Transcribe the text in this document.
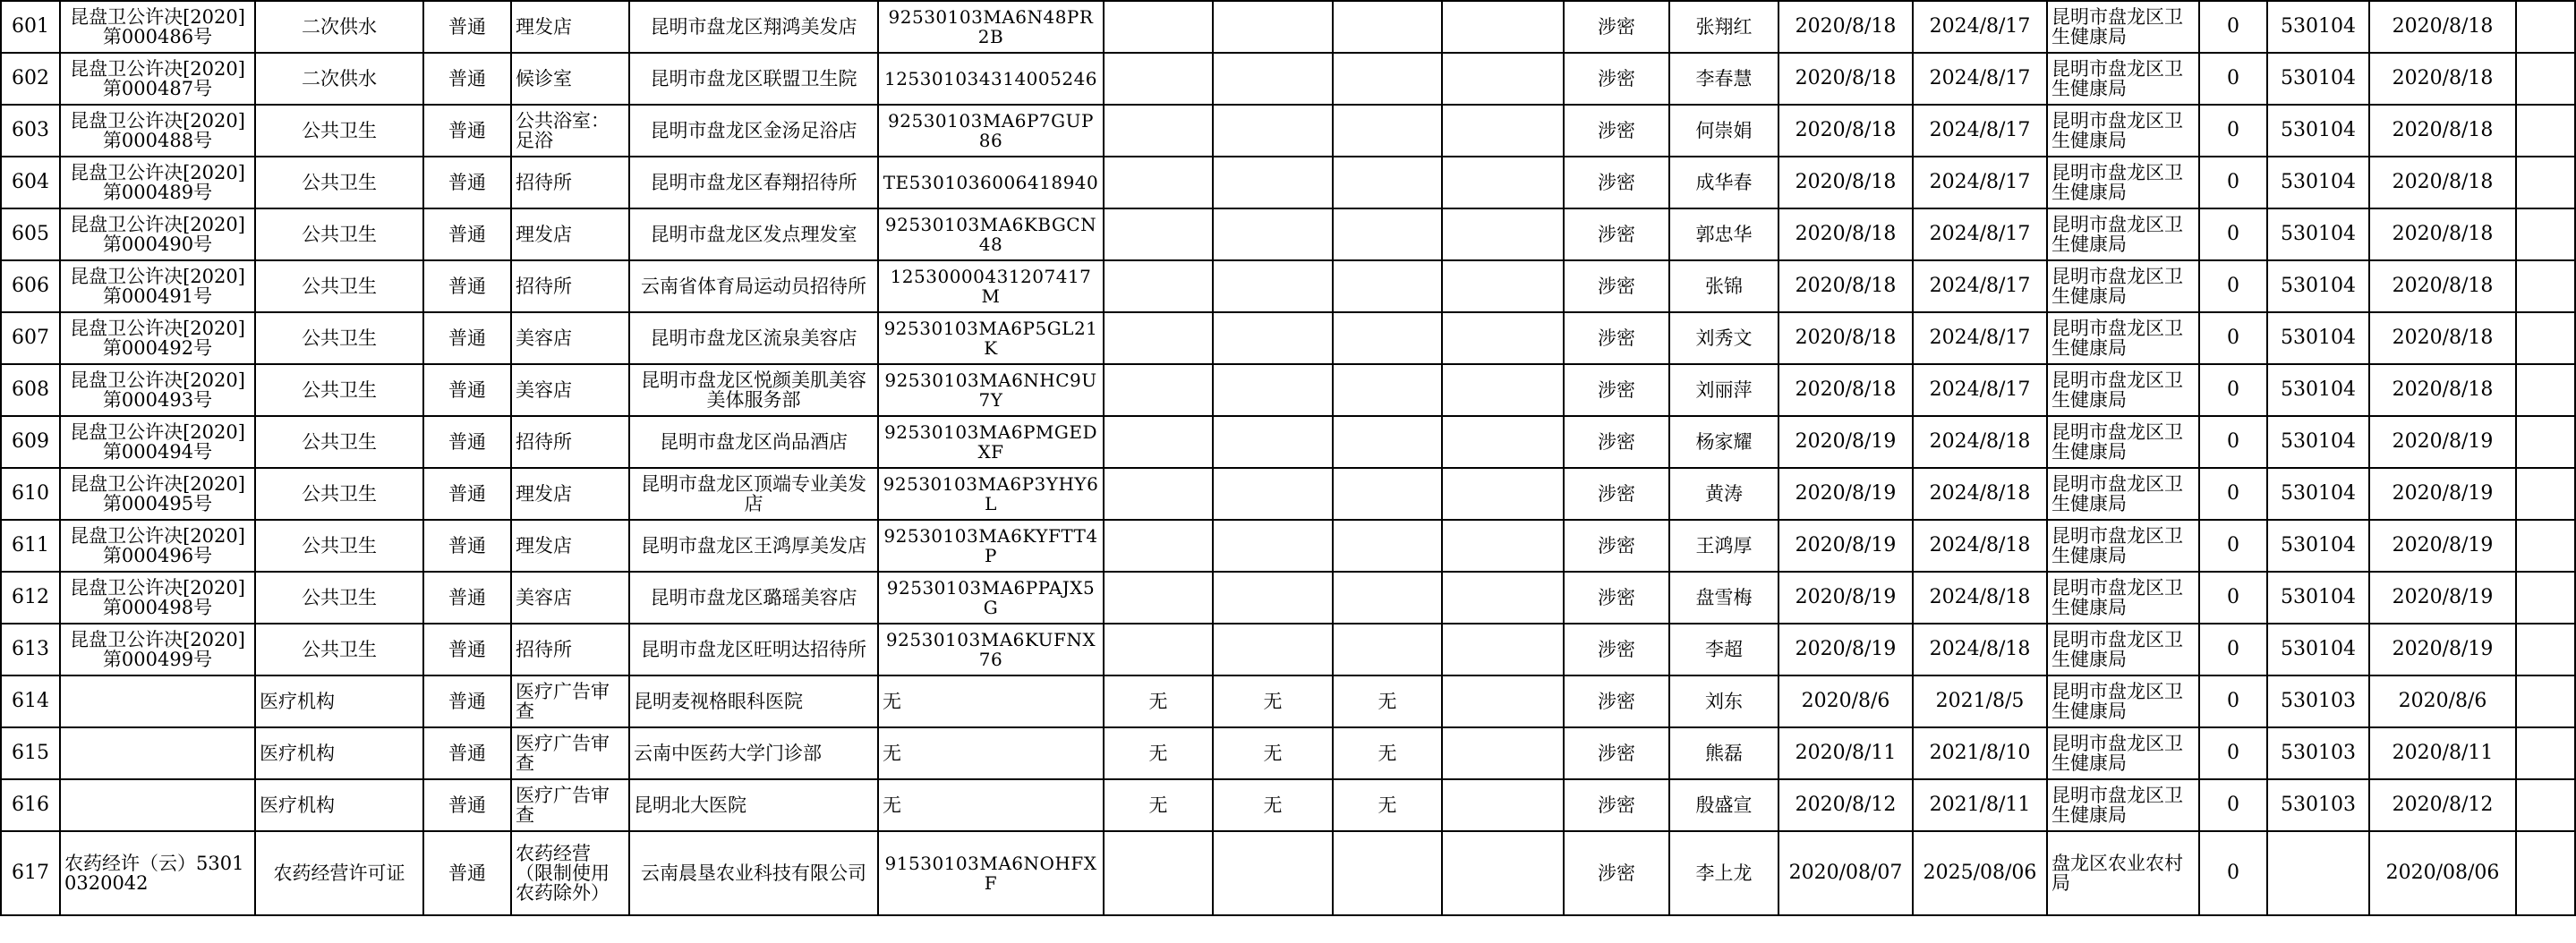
601	昆盘卫公许决[2020]第000486号	二次供水	普通	理发店	昆明市盘龙区翔鸿美发店	92530103MA6N48PR2B					涉密	张翔红	2020/8/18	2024/8/17	昆明市盘龙区卫生健康局	0	530104	2020/8/18	
602	昆盘卫公许决[2020]第000487号	二次供水	普通	候诊室	昆明市盘龙区联盟卫生院	125301034314005246					涉密	李春慧	2020/8/18	2024/8/17	昆明市盘龙区卫生健康局	0	530104	2020/8/18	
603	昆盘卫公许决[2020]第000488号	公共卫生	普通	公共浴室：足浴	昆明市盘龙区金汤足浴店	92530103MA6P7GUP86					涉密	何崇娟	2020/8/18	2024/8/17	昆明市盘龙区卫生健康局	0	530104	2020/8/18	
604	昆盘卫公许决[2020]第000489号	公共卫生	普通	招待所	昆明市盘龙区春翔招待所	TE5301036006418940					涉密	成华春	2020/8/18	2024/8/17	昆明市盘龙区卫生健康局	0	530104	2020/8/18	
605	昆盘卫公许决[2020]第000490号	公共卫生	普通	理发店	昆明市盘龙区发点理发室	92530103MA6KBGCN48					涉密	郭忠华	2020/8/18	2024/8/17	昆明市盘龙区卫生健康局	0	530104	2020/8/18	
606	昆盘卫公许决[2020]第000491号	公共卫生	普通	招待所	云南省体育局运动员招待所	12530000431207417M					涉密	张锦	2020/8/18	2024/8/17	昆明市盘龙区卫生健康局	0	530104	2020/8/18	
607	昆盘卫公许决[2020]第000492号	公共卫生	普通	美容店	昆明市盘龙区流泉美容店	92530103MA6P5GL21K					涉密	刘秀文	2020/8/18	2024/8/17	昆明市盘龙区卫生健康局	0	530104	2020/8/18	
608	昆盘卫公许决[2020]第000493号	公共卫生	普通	美容店	昆明市盘龙区悦颜美肌美容美体服务部	92530103MA6NHC9U7Y					涉密	刘丽萍	2020/8/18	2024/8/17	昆明市盘龙区卫生健康局	0	530104	2020/8/18	
609	昆盘卫公许决[2020]第000494号	公共卫生	普通	招待所	昆明市盘龙区尚品酒店	92530103MA6PMGEDXF					涉密	杨家耀	2020/8/19	2024/8/18	昆明市盘龙区卫生健康局	0	530104	2020/8/19	
610	昆盘卫公许决[2020]第000495号	公共卫生	普通	理发店	昆明市盘龙区顶端专业美发店	92530103MA6P3YHY6L					涉密	黄涛	2020/8/19	2024/8/18	昆明市盘龙区卫生健康局	0	530104	2020/8/19	
611	昆盘卫公许决[2020]第000496号	公共卫生	普通	理发店	昆明市盘龙区王鸿厚美发店	92530103MA6KYFTT4P					涉密	王鸿厚	2020/8/19	2024/8/18	昆明市盘龙区卫生健康局	0	530104	2020/8/19	
612	昆盘卫公许决[2020]第000498号	公共卫生	普通	美容店	昆明市盘龙区璐瑶美容店	92530103MA6PPAJX5G					涉密	盘雪梅	2020/8/19	2024/8/18	昆明市盘龙区卫生健康局	0	530104	2020/8/19	
613	昆盘卫公许决[2020]第000499号	公共卫生	普通	招待所	昆明市盘龙区旺明达招待所	92530103MA6KUFNX76					涉密	李超	2020/8/19	2024/8/18	昆明市盘龙区卫生健康局	0	530104	2020/8/19	
614		医疗机构	普通	医疗广告审查	昆明麦视格眼科医院	无	无	无	无		涉密	刘东	2020/8/6	2021/8/5	昆明市盘龙区卫生健康局	0	530103	2020/8/6	
615		医疗机构	普通	医疗广告审查	云南中医药大学门诊部	无	无	无	无		涉密	熊磊	2020/8/11	2021/8/10	昆明市盘龙区卫生健康局	0	530103	2020/8/11	
616		医疗机构	普通	医疗广告审查	昆明北大医院	无	无	无	无		涉密	殷盛宣	2020/8/12	2021/8/11	昆明市盘龙区卫生健康局	0	530103	2020/8/12	
617	农药经许（云）53010320042	农药经营许可证	普通	农药经营（限制使用农药除外）	云南晨垦农业科技有限公司	91530103MA6NOHFXF					涉密	李上龙	2020/08/07	2025/08/06	盘龙区农业农村局	0		2020/08/06	
